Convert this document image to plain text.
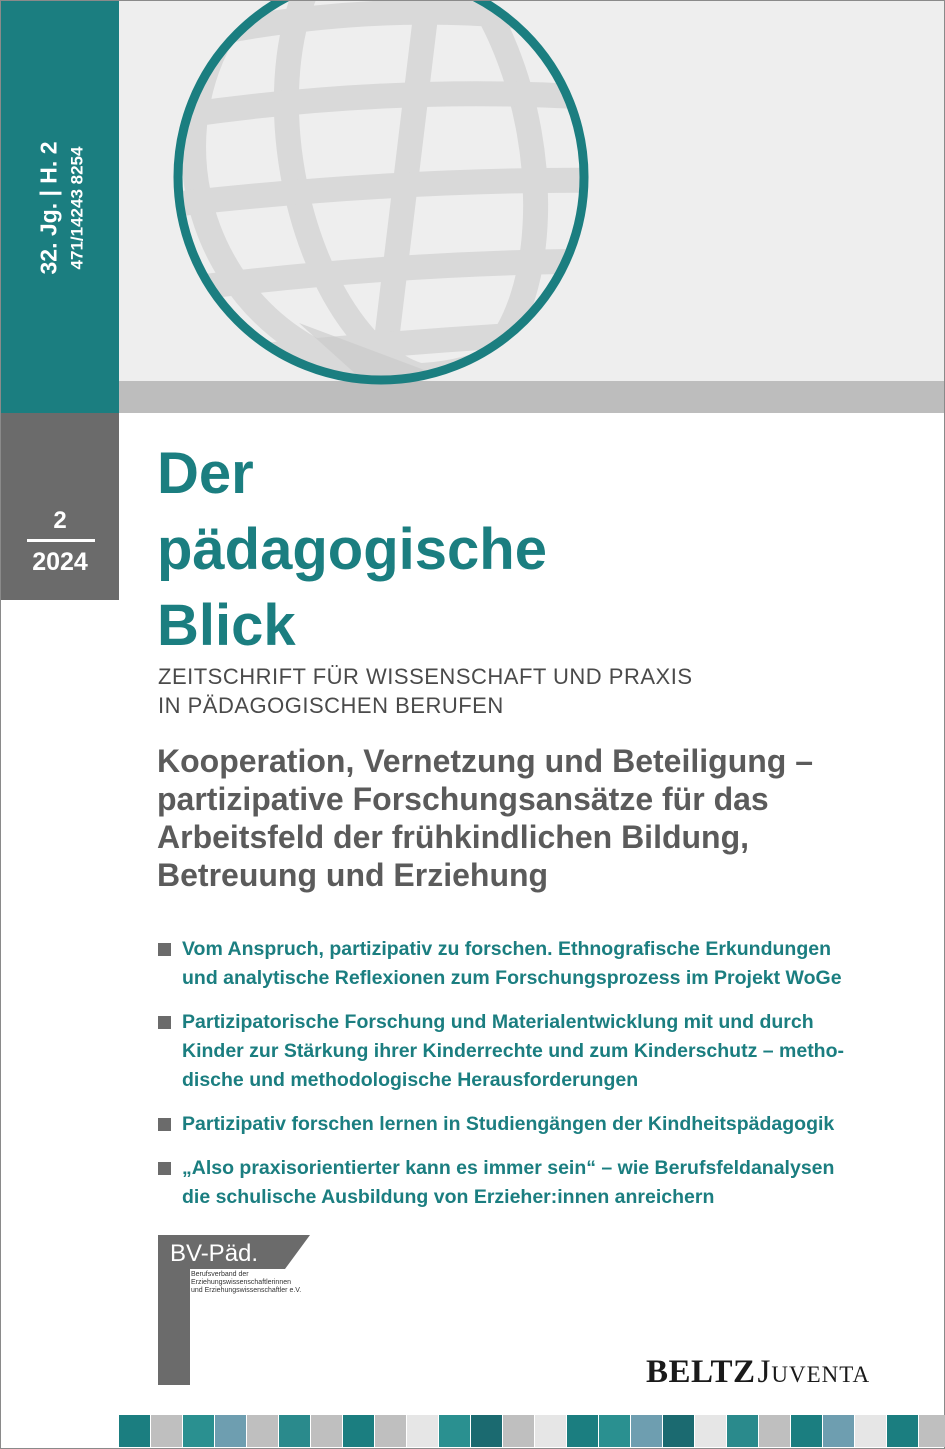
32. Jg. | H. 2 471/14243 8254
2
2024
Der
pädagogische
Blick
ZEITSCHRIFT FÜR WISSENSCHAFT UND PRAXIS
IN PÄDAGOGISCHEN BERUFEN
Kooperation, Vernetzung und Beteiligung –
partizipative Forschungsansätze für das
Arbeitsfeld der frühkindlichen Bildung,
Betreuung und Erziehung
Vom Anspruch, partizipativ zu forschen. Ethnografische Erkundungen
und analytische Reflexionen zum Forschungsprozess im Projekt WoGe
Partizipatorische Forschung und Materialentwicklung mit und durch
Kinder zur Stärkung ihrer Kinderrechte und zum Kinderschutz – metho-
dische und methodologische Herausforderungen
Partizipativ forschen lernen in Studiengängen der Kindheitspädagogik
„Also praxisorientierter kann es immer sein“ – wie Berufsfeldanalysen
die schulische Ausbildung von Erzieher:innen anreichern
BV-Päd.
Berufsverband der
Erziehungswissenschaftlerinnen
und Erziehungswissenschaftler e.V.
BELTZJuventa
